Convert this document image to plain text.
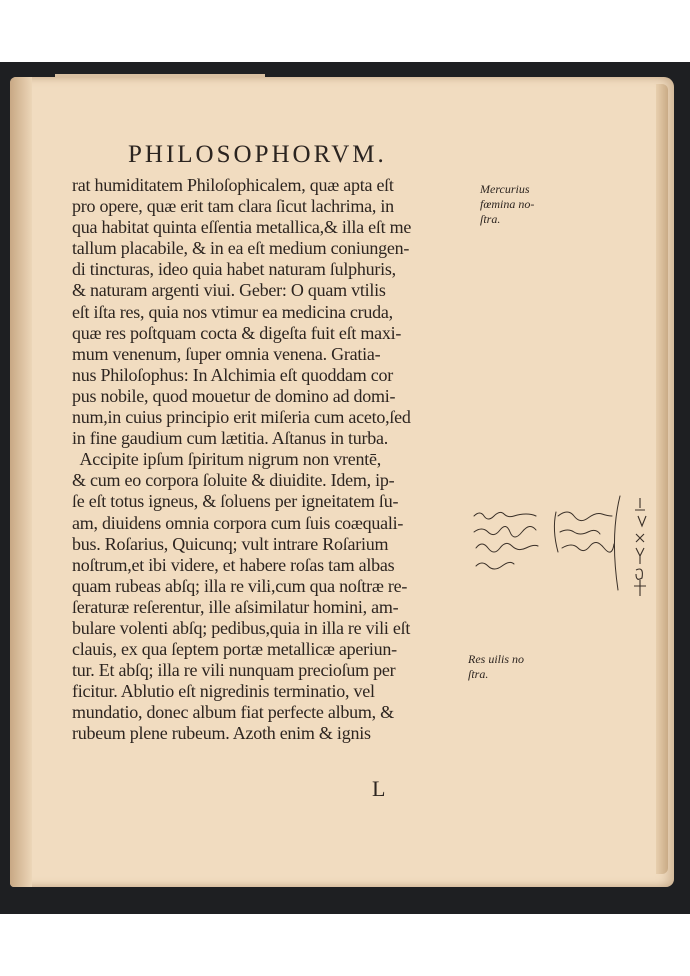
PHILOSOPHORVM.
rat humiditatem Philoſophicalem, quæ apta eſt
pro opere, quæ erit tam clara ſicut lachrima, in
qua habitat quinta eſſentia metallica,& illa eſt me
tallum placabile, & in ea eſt medium coniungen-
di tincturas, ideo quia habet naturam ſulphuris,
& naturam argenti viui. Geber: O quam vtilis
eſt iſta res, quia nos vtimur ea medicina cruda,
quæ res poſtquam cocta & digeſta fuit eſt maxi-
mum venenum, ſuper omnia venena. Gratia-
nus Philoſophus: In Alchimia eſt quoddam cor
pus nobile, quod mouetur de domino ad domi-
num,in cuius principio erit miſeria cum aceto,ſed
in fine gaudium cum lætitia. Aſtanus in turba.
Accipite ipſum ſpiritum nigrum non vrentē,
& cum eo corpora ſoluite & diuidite. Idem, ip-
ſe eſt totus igneus, & ſoluens per igneitatem ſu-
am, diuidens omnia corpora cum ſuis coæquali-
bus. Roſarius, Quicunq; vult intrare Roſarium
noſtrum,et ibi videre, et habere roſas tam albas
quam rubeas abſq; illa re vili,cum qua noſtræ re-
ſeraturæ reſerentur, ille aſsimilatur homini, am-
bulare volenti abſq; pedibus,quia in illa re vili eſt
clauis, ex qua ſeptem portæ metallicæ aperiun-
tur. Et abſq; illa re vili nunquam precioſum per
ficitur. Ablutio eſt nigredinis terminatio, vel
mundatio, donec album fiat perfecte album, &
rubeum plene rubeum. Azoth enim & ignis
Mercurius
fœmina no-
ſtra.
Res uilis no
ſtra.
L
